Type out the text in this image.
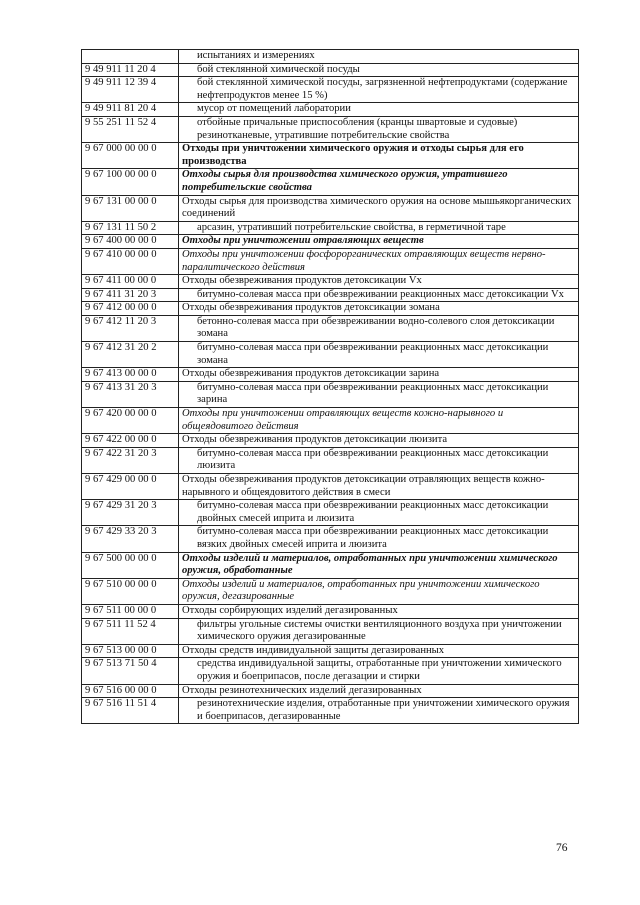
	испытаниях и измерениях
9 49 911 11 20 4	бой стеклянной химической посуды
9 49 911 12 39 4	бой стеклянной химической посуды, загрязненной нефтепродуктами (содержание нефтепродуктов менее 15 %)
9 49 911 81 20 4	мусор от помещений лаборатории
9 55 251 11 52 4	отбойные причальные приспособления (кранцы швартовые и судовые) резинотканевые, утратившие потребительские свойства
9 67 000 00 00 0	Отходы при уничтожении химического оружия и отходы сырья для его производства
9 67 100 00 00 0	Отходы сырья для производства химического оружия, утратившего потребительские свойства
9 67 131 00 00 0	Отходы сырья для производства химического оружия на основе мышьякорганических соединений
9 67 131 11 50 2	арсазин, утративший потребительские свойства, в герметичной таре
9 67 400 00 00 0	Отходы при уничтожении отравляющих веществ
9 67 410 00 00 0	Отходы при уничтожении фосфорорганических отравляющих веществ нервно-паралитического действия
9 67 411 00 00 0	Отходы обезвреживания продуктов детоксикации Vx
9 67 411 31 20 3	битумно-солевая масса при обезвреживании реакционных масс детоксикации Vx
9 67 412 00 00 0	Отходы обезвреживания продуктов детоксикации зомана
9 67 412 11 20 3	бетонно-солевая масса при обезвреживании водно-солевого слоя детоксикации зомана
9 67 412 31 20 2	битумно-солевая масса при обезвреживании реакционных масс детоксикации зомана
9 67 413 00 00 0	Отходы обезвреживания продуктов детоксикации зарина
9 67 413 31 20 3	битумно-солевая масса при обезвреживании реакционных масс детоксикации зарина
9 67 420 00 00 0	Отходы при уничтожении отравляющих веществ кожно-нарывного и общеядовитого действия
9 67 422 00 00 0	Отходы обезвреживания продуктов детоксикации люизита
9 67 422 31 20 3	битумно-солевая масса при обезвреживании реакционных масс детоксикации люизита
9 67 429 00 00 0	Отходы обезвреживания продуктов детоксикации отравляющих веществ кожно-нарывного и общеядовитого действия в смеси
9 67 429 31 20 3	битумно-солевая масса при обезвреживании реакционных масс детоксикации двойных смесей иприта и люизита
9 67 429 33 20 3	битумно-солевая масса при обезвреживании реакционных масс детоксикации вязких двойных смесей иприта и люизита
9 67 500 00 00 0	Отходы изделий и материалов, отработанных при уничтожении химического оружия, обработанные
9 67 510 00 00 0	Отходы изделий и материалов, отработанных при уничтожении химического оружия, дегазированные
9 67 511 00 00 0	Отходы сорбирующих изделий дегазированных
9 67 511 11 52 4	фильтры угольные системы очистки вентиляционного воздуха при уничтожении химического оружия дегазированные
9 67 513 00 00 0	Отходы средств индивидуальной защиты дегазированных
9 67 513 71 50 4	средства индивидуальной защиты, отработанные при уничтожении химического оружия и боеприпасов, после дегазации и стирки
9 67 516 00 00 0	Отходы резинотехнических изделий дегазированных
9 67 516 11 51 4	резинотехнические изделия, отработанные при уничтожении химического оружия и боеприпасов, дегазированные
76
